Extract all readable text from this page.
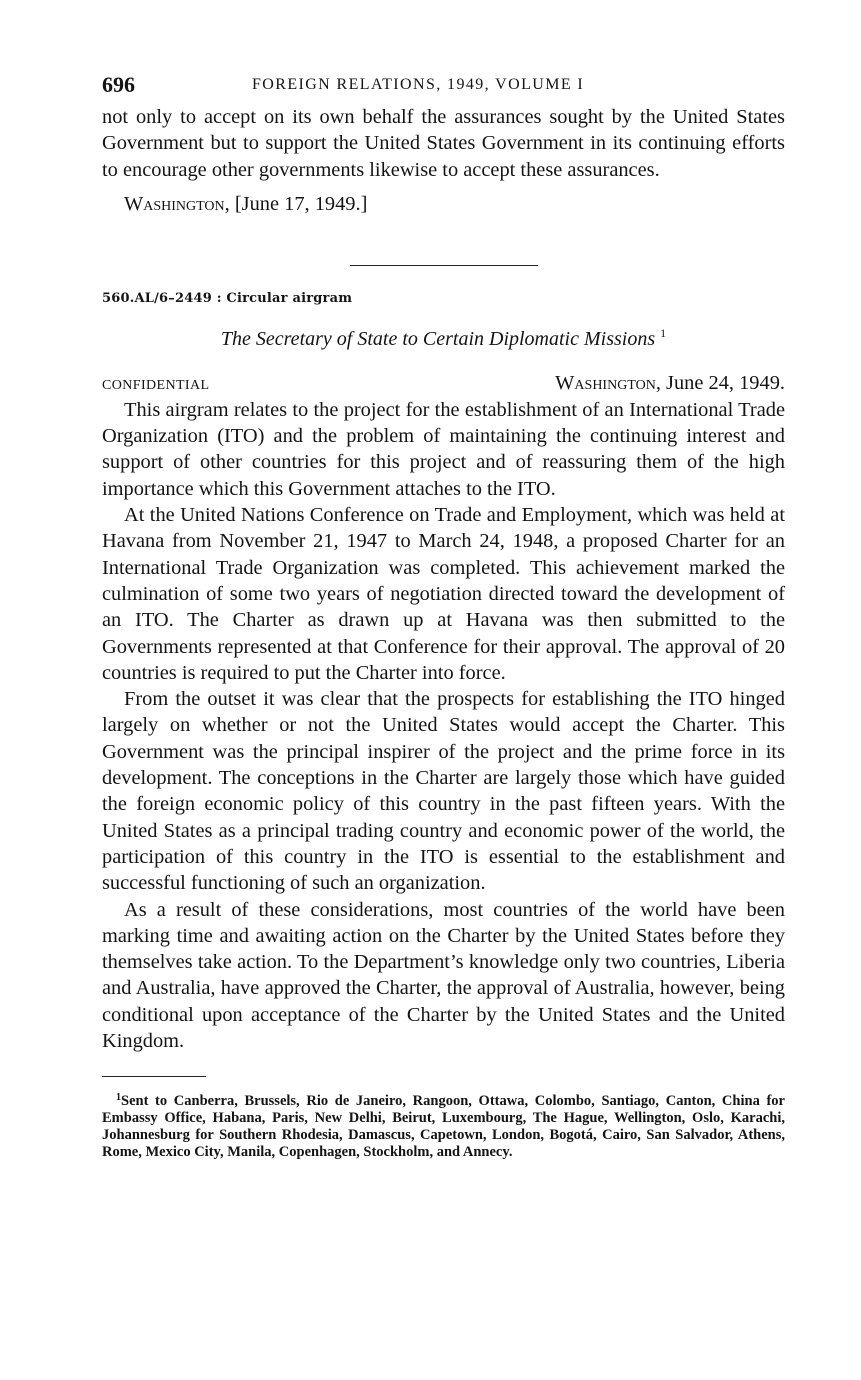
696	FOREIGN RELATIONS, 1949, VOLUME I

not only to accept on its own behalf the assurances sought by the United States Government but to support the United States Government in its continuing efforts to encourage other governments likewise to accept these assurances.

Washington, [June 17, 1949.]
560.AL/6–2449 : Circular airgram
The Secretary of State to Certain Diplomatic Missions $^1$
CONFIDENTIAL	Washington, June 24, 1949.

This airgram relates to the project for the establishment of an International Trade Organization (ITO) and the problem of maintaining the continuing interest and support of other countries for this project and of reassuring them of the high importance which this Government attaches to the ITO.

At the United Nations Conference on Trade and Employment, which was held at Havana from November 21, 1947 to March 24, 1948, a proposed Charter for an International Trade Organization was completed. This achievement marked the culmination of some two years of negotiation directed toward the development of an ITO. The Charter as drawn up at Havana was then submitted to the Governments represented at that Conference for their approval. The approval of 20 countries is required to put the Charter into force.

From the outset it was clear that the prospects for establishing the ITO hinged largely on whether or not the United States would accept the Charter. This Government was the principal inspirer of the project and the prime force in its development. The conceptions in the Charter are largely those which have guided the foreign economic policy of this country in the past fifteen years. With the United States as a principal trading country and economic power of the world, the participation of this country in the ITO is essential to the establishment and successful functioning of such an organization.

As a result of these considerations, most countries of the world have been marking time and awaiting action on the Charter by the United States before they themselves take action. To the Department’s knowledge only two countries, Liberia and Australia, have approved the Charter, the approval of Australia, however, being conditional upon acceptance of the Charter by the United States and the United Kingdom.

$^1$Sent to Canberra, Brussels, Rio de Janeiro, Rangoon, Ottawa, Colombo, Santiago, Canton, China for Embassy Office, Habana, Paris, New Delhi, Beirut, Luxembourg, The Hague, Wellington, Oslo, Karachi, Johannesburg for Southern Rhodesia, Damascus, Capetown, London, Bogotá, Cairo, San Salvador, Athens, Rome, Mexico City, Manila, Copenhagen, Stockholm, and Annecy.
